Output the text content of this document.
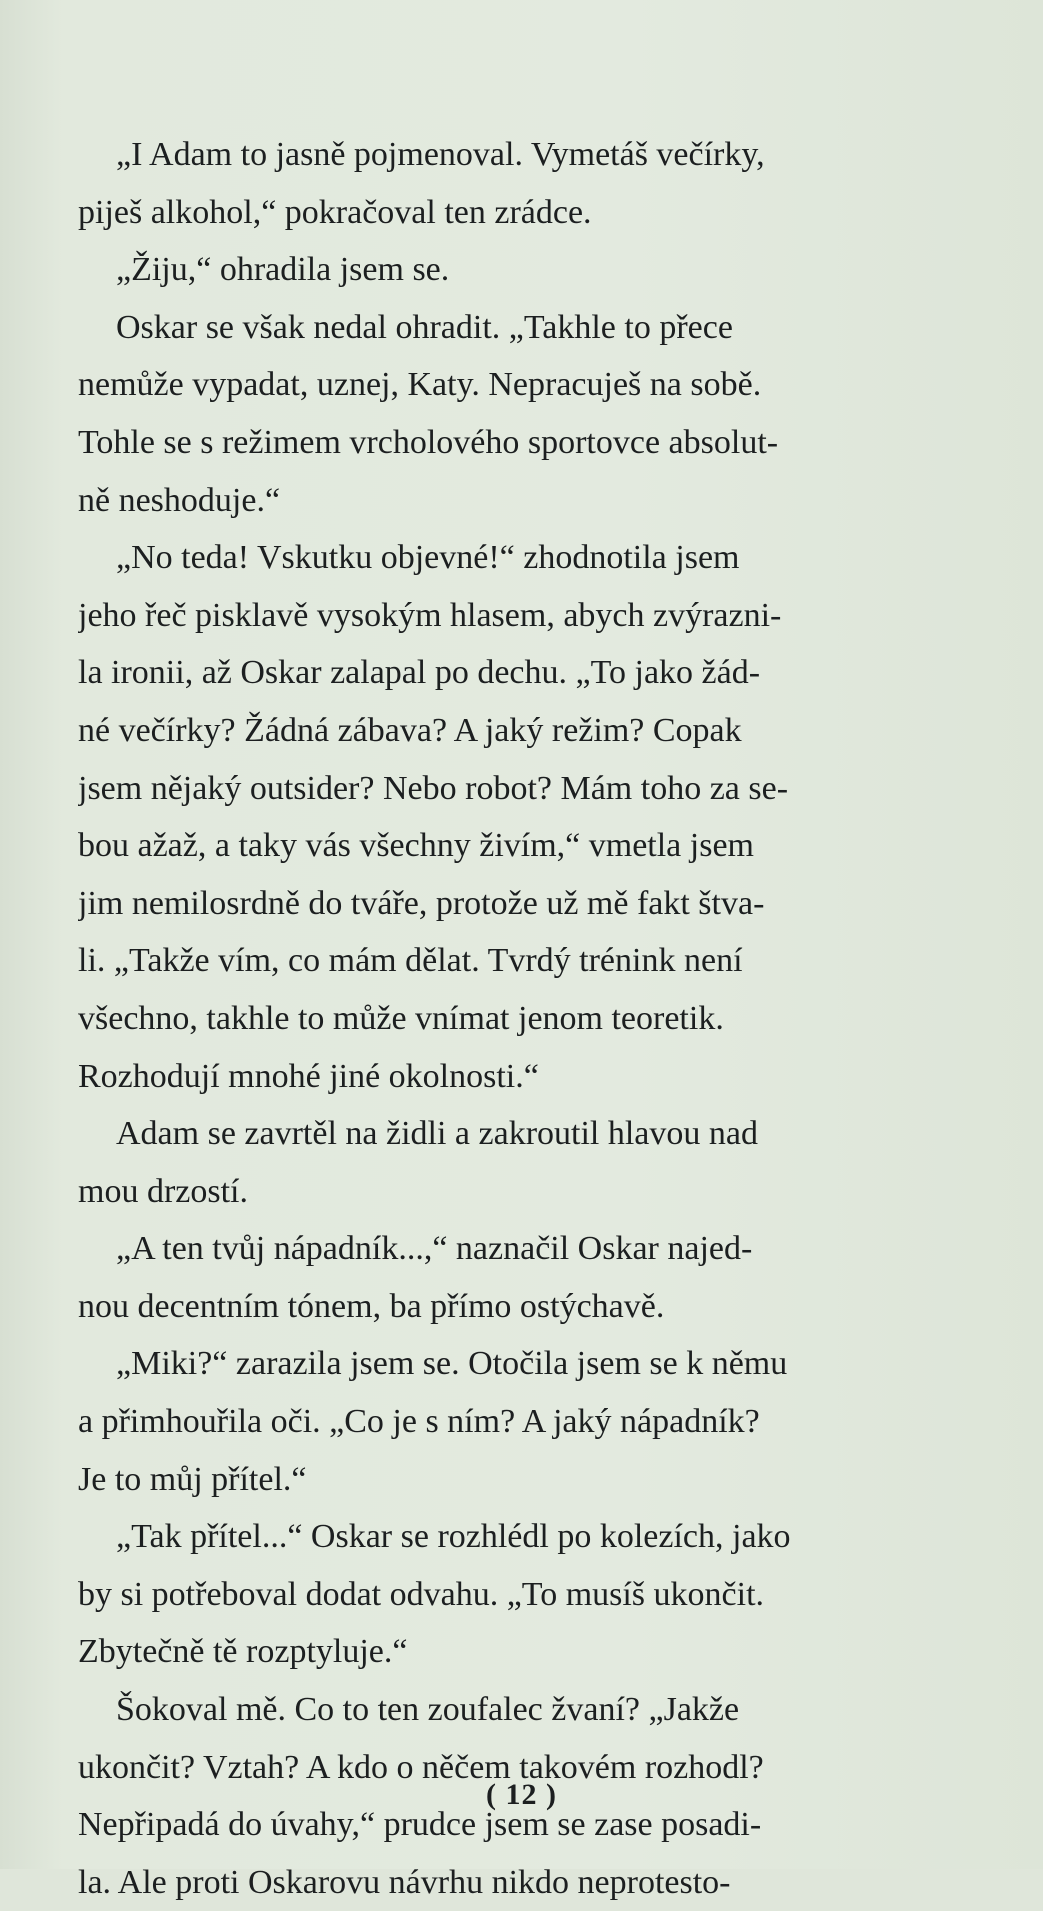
„I Adam to jasně pojmenoval. Vymetáš večírky,
piješ alkohol,“ pokračoval ten zrádce.
„Žiju,“ ohradila jsem se.
Oskar se však nedal ohradit. „Takhle to přece
nemůže vypadat, uznej, Katy. Nepracuješ na sobě.
Tohle se s režimem vrcholového sportovce absolut-
ně neshoduje.“
„No teda! Vskutku objevné!“ zhodnotila jsem
jeho řeč pisklavě vysokým hlasem, abych zvýrazni-
la ironii, až Oskar zalapal po dechu. „To jako žád-
né večírky? Žádná zábava? A jaký režim? Copak
jsem nějaký outsider? Nebo robot? Mám toho za se-
bou ažaž, a taky vás všechny živím,“ vmetla jsem
jim nemilosrdně do tváře, protože už mě fakt štva-
li. „Takže vím, co mám dělat. Tvrdý trénink není
všechno, takhle to může vnímat jenom teoretik.
Rozhodují mnohé jiné okolnosti.“
Adam se zavrtěl na židli a zakroutil hlavou nad
mou drzostí.
„A ten tvůj nápadník...,“ naznačil Oskar najed-
nou decentním tónem, ba přímo ostýchavě.
„Miki?“ zarazila jsem se. Otočila jsem se k němu
a přimhouřila oči. „Co je s ním? A jaký nápadník?
Je to můj přítel.“
„Tak přítel...“ Oskar se rozhlédl po kolezích, jako
by si potřeboval dodat odvahu. „To musíš ukončit.
Zbytečně tě rozptyluje.“
Šokoval mě. Co to ten zoufalec žvaní? „Jakže
ukončit? Vztah? A kdo o něčem takovém rozhodl?
Nepřipadá do úvahy,“ prudce jsem se zase posadi-
la. Ale proti Oskarovu návrhu nikdo neprotesto-
( 12 )
